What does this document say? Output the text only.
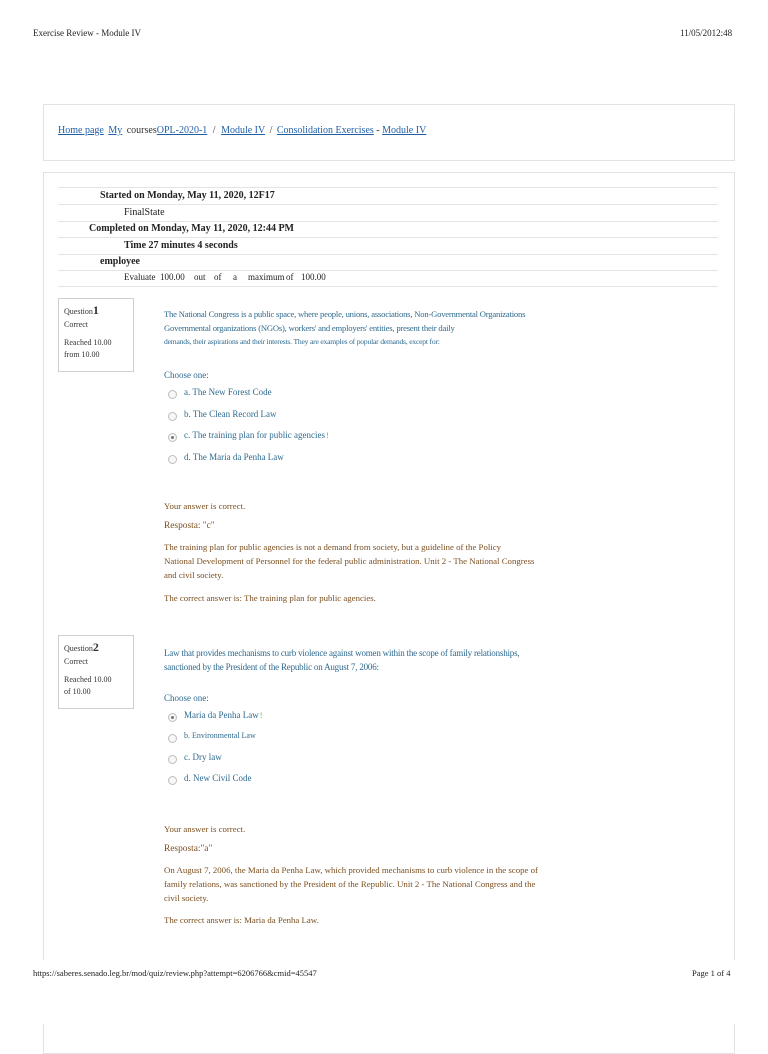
Exercise Review - Module IV	11/05/2012:48
Home page My coursesOPL-2020-1 / Module IV / Consolidation Exercises - Module IV
Started on Monday, May 11, 2020, 12F17
FinalState
Completed on Monday, May 11, 2020, 12:44 PM
Time 27 minutes 4 seconds
employee
Evaluate 100.00 out of a maximum of 100.00
Question1
Correct
Reached 10.00
from 10.00
The National Congress is a public space, where people, unions, associations, Non-Governmental Organizations
Governmental organizations (NGOs), workers' and employers' entities, present their daily
demands, their aspirations and their interests. They are examples of popular demands, except for:
Choose one:
a. The New Forest Code
b. The Clean Record Law
c. The training plan for public agencies!
d. The Maria da Penha Law
Your answer is correct.
Resposta: "c"
The training plan for public agencies is not a demand from society, but a guideline of the Policy
National Development of Personnel for the federal public administration. Unit 2 - The National Congress
and civil society.
The correct answer is: The training plan for public agencies.
Question2
Correct
Reached 10.00
of 10.00
Law that provides mechanisms to curb violence against women within the scope of family relationships,
sanctioned by the President of the Republic on August 7, 2006:
Choose one:
Maria da Penha Law!
b. Environmental Law
c. Dry law
d. New Civil Code
Your answer is correct.
Resposta:"a"
On August 7, 2006, the Maria da Penha Law, which provided mechanisms to curb violence in the scope of
family relations, was sanctioned by the President of the Republic. Unit 2 - The National Congress and the
civil society.
The correct answer is: Maria da Penha Law.
https://saberes.senado.leg.br/mod/quiz/review.php?attempt=6206766&cmid=45547	Page 1 of 4
